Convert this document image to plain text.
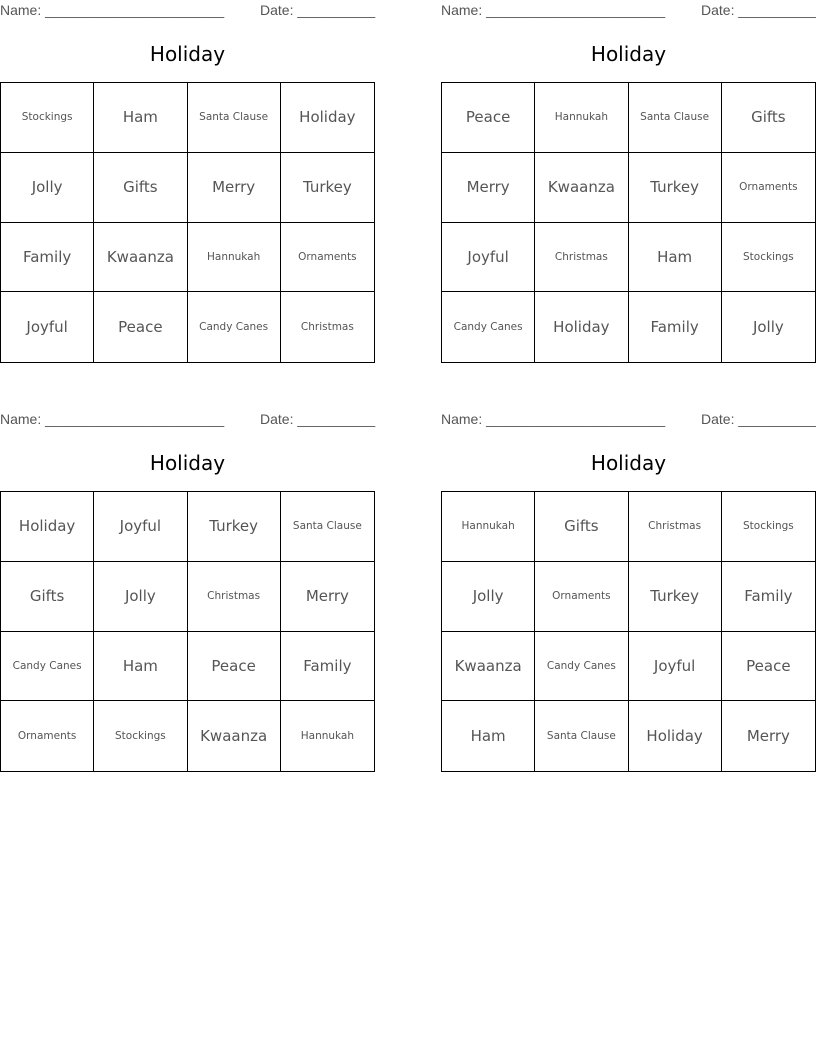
Name: _______________________	Date: __________
Holiday
Stockings	Ham	Santa Clause	Holiday
Jolly	Gifts	Merry	Turkey
Family	Kwaanza	Hannukah	Ornaments
Joyful	Peace	Candy Canes	Christmas
Name: _______________________	Date: __________
Holiday
Peace	Hannukah	Santa Clause	Gifts
Merry	Kwaanza	Turkey	Ornaments
Joyful	Christmas	Ham	Stockings
Candy Canes	Holiday	Family	Jolly
Name: _______________________	Date: __________
Holiday
Holiday	Joyful	Turkey	Santa Clause
Gifts	Jolly	Christmas	Merry
Candy Canes	Ham	Peace	Family
Ornaments	Stockings	Kwaanza	Hannukah
Name: _______________________	Date: __________
Holiday
Hannukah	Gifts	Christmas	Stockings
Jolly	Ornaments	Turkey	Family
Kwaanza	Candy Canes	Joyful	Peace
Ham	Santa Clause	Holiday	Merry
